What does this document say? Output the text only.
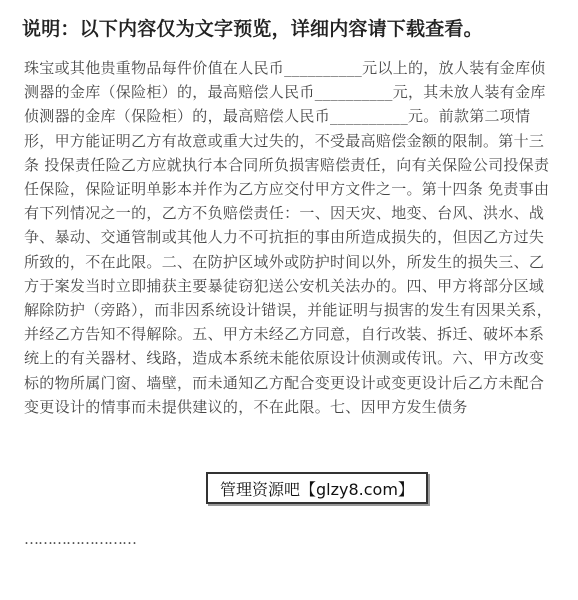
说明：以下内容仅为文字预览，详细内容请下载查看。

珠宝或其他贵重物品每件价值在人民币__________元以上的，放人装有金库侦测器的金库（保险柜）的，最高赔偿人民币__________元，其未放人装有金库侦测器的金库（保险柜）的，最高赔偿人民币__________元。前款第二项情形，甲方能证明乙方有故意或重大过失的，不受最高赔偿金额的限制。第十三条 投保责任险乙方应就执行本合同所负损害赔偿责任，向有关保险公司投保责任保险，保险证明单影本并作为乙方应交付甲方文件之一。第十四条 免责事由有下列情况之一的，乙方不负赔偿责任：一、因天灾、地变、台风、洪水、战争、暴动、交通管制或其他人力不可抗拒的事由所造成损失的，但因乙方过失所致的，不在此限。二、在防护区域外或防护时间以外，所发生的损失三、乙方于案发当时立即捕获主要暴徒窃犯送公安机关法办的。四、甲方将部分区域解除防护（旁路），而非因系统设计错误，并能证明与损害的发生有因果关系，并经乙方告知不得解除。五、甲方未经乙方同意，自行改装、拆迁、破坏本系统上的有关器材、线路，造成本系统未能依原设计侦测或传讯。六、甲方改变标的物所属门窗、墙壁，而未通知乙方配合变更设计或变更设计后乙方未配合变更设计的情事而未提供建议的，不在此限。七、因甲方发生债务

……………………
管理资源吧【glzy8.com】
